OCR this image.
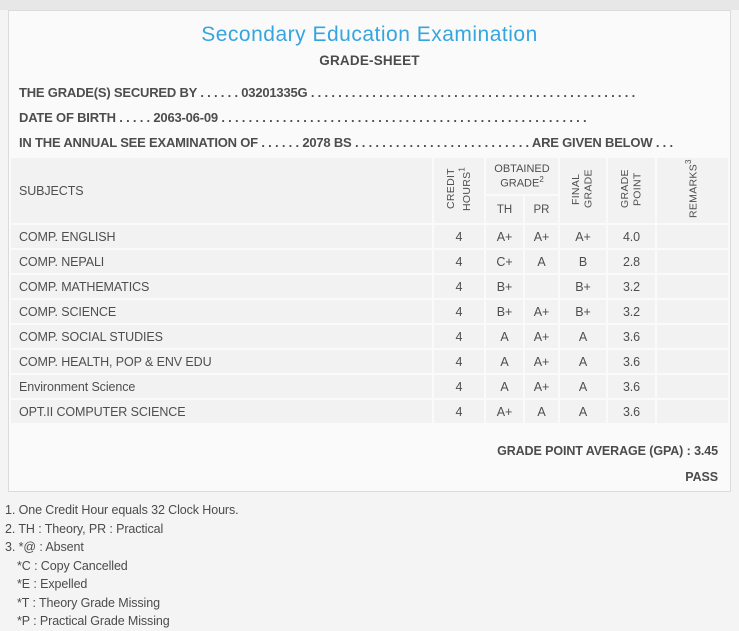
Secondary Education Examination
GRADE-SHEET
THE GRADE(S) SECURED BY . . . . . . 03201335G . . . . . . . . . . . . . . . . . . . . . . . . . . . . . . . . . . . . . . . . . . . . . . . .
DATE OF BIRTH . . . . . 2063-06-09 . . . . . . . . . . . . . . . . . . . . . . . . . . . . . . . . . . . . . . . . . . . . . . . . . . . . . .
IN THE ANNUAL SEE EXAMINATION OF . . . . . . 2078 BS . . . . . . . . . . . . . . . . . . . . . . . . . . ARE GIVEN BELOW . . .
SUBJECTS	CREDIT HOURS$^1$	OBTAINED GRADE$^2$		FINAL GRADE	GRADE POINT	REMARKS$^3$
		TH	PR			
COMP. ENGLISH	4	A+	A+	A+	4.0	
COMP. NEPALI	4	C+	A	B	2.8	
COMP. MATHEMATICS	4	B+		B+	3.2	
COMP. SCIENCE	4	B+	A+	B+	3.2	
COMP. SOCIAL STUDIES	4	A	A+	A	3.6	
COMP. HEALTH, POP & ENV EDU	4	A	A+	A	3.6	
Environment Science	4	A	A+	A	3.6	
OPT.II COMPUTER SCIENCE	4	A+	A	A	3.6	
GRADE POINT AVERAGE (GPA) : 3.45
PASS
1. One Credit Hour equals 32 Clock Hours.
2. TH : Theory, PR : Practical
3. *@ : Absent
*C : Copy Cancelled
*E : Expelled
*T : Theory Grade Missing
*P : Practical Grade Missing
